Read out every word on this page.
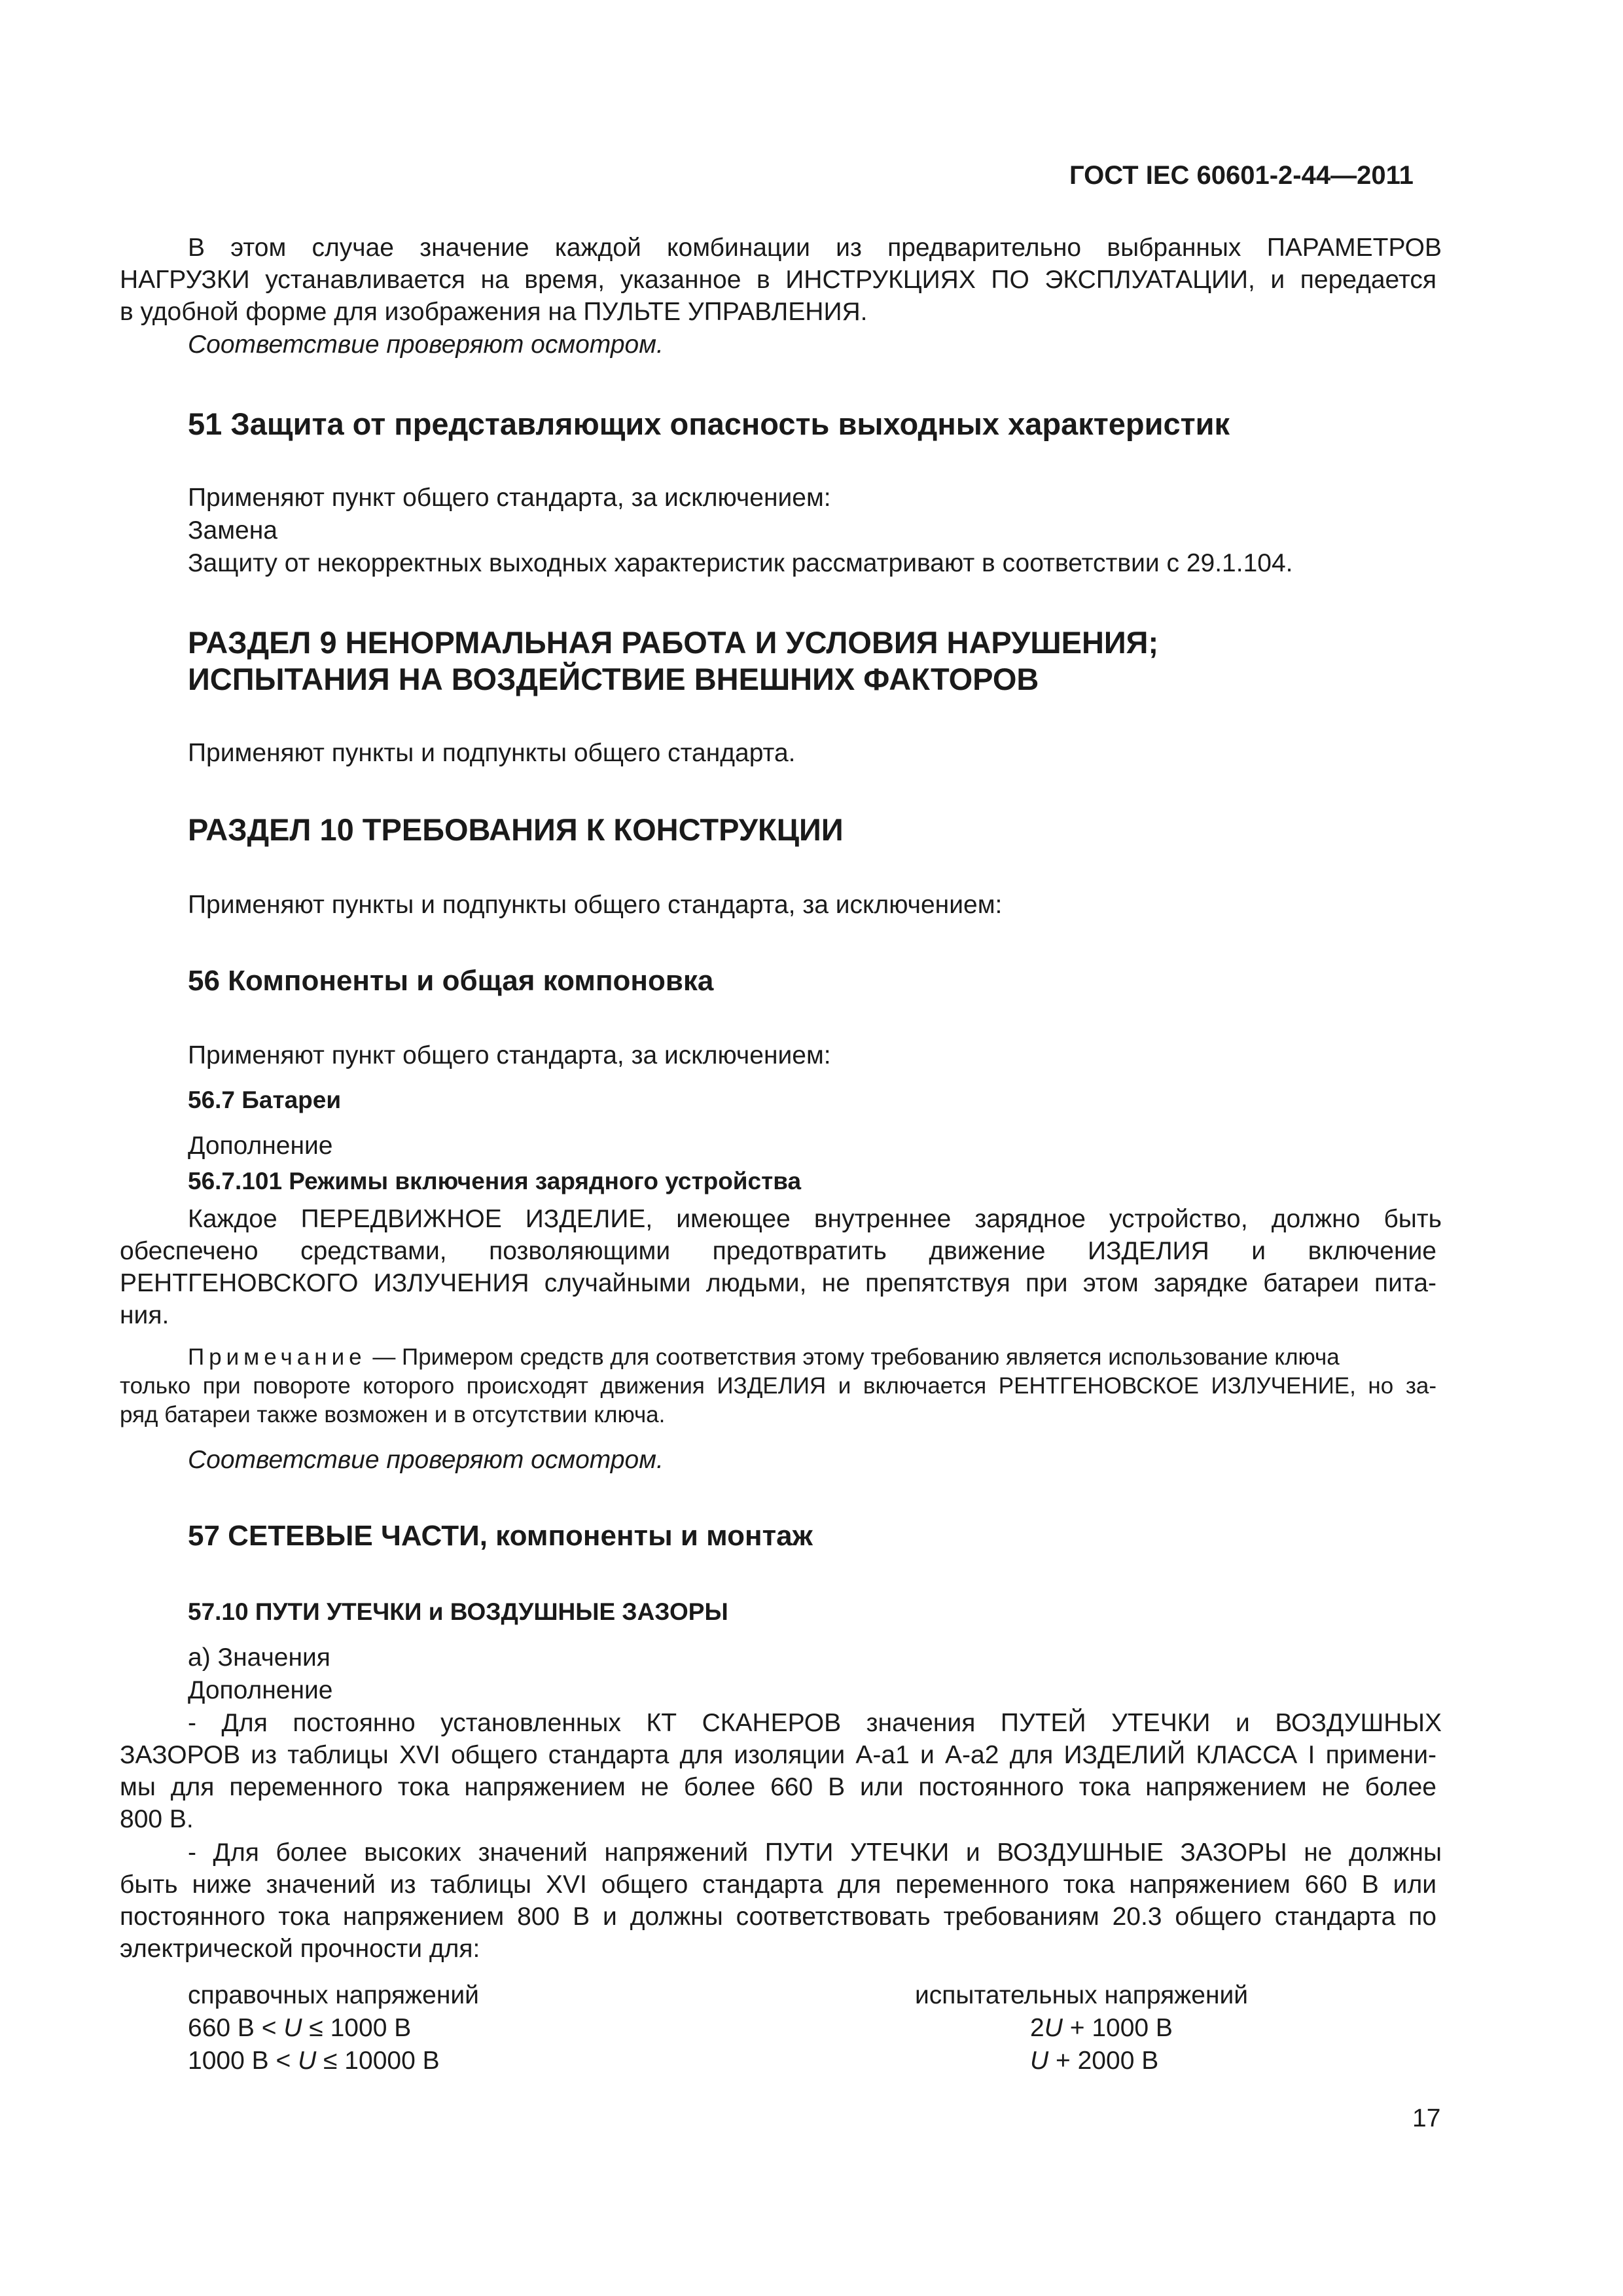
ГОСТ IEC 60601-2-44—2011
В этом случае значение каждой комбинации из предварительно выбранных ПАРАМЕТРОВ
НАГРУЗКИ устанавливается на время, указанное в ИНСТРУКЦИЯХ ПО ЭКСПЛУАТАЦИИ, и передается
в удобной форме для изображения на ПУЛЬТЕ УПРАВЛЕНИЯ.
Соответствие проверяют осмотром.
51 Защита от представляющих опасность выходных характеристик
Применяют пункт общего стандарта, за исключением:
Замена
Защиту от некорректных выходных характеристик рассматривают в соответствии с 29.1.104.
РАЗДЕЛ 9 НЕНОРМАЛЬНАЯ РАБОТА И УСЛОВИЯ НАРУШЕНИЯ;
ИСПЫТАНИЯ НА ВОЗДЕЙСТВИЕ ВНЕШНИХ ФАКТОРОВ
Применяют пункты и подпункты общего стандарта.
РАЗДЕЛ 10 ТРЕБОВАНИЯ К КОНСТРУКЦИИ
Применяют пункты и подпункты общего стандарта, за исключением:
56 Компоненты и общая компоновка
Применяют пункт общего стандарта, за исключением:
56.7 Батареи
Дополнение
56.7.101 Режимы включения зарядного устройства
Каждое ПЕРЕДВИЖНОЕ ИЗДЕЛИЕ, имеющее внутреннее зарядное устройство, должно быть
обеспечено средствами, позволяющими предотвратить движение ИЗДЕЛИЯ и включение
РЕНТГЕНОВСКОГО ИЗЛУЧЕНИЯ случайными людьми, не препятствуя при этом зарядке батареи пита-
ния.
Примечание — Примером средств для соответствия этому требованию является использование ключа
только при повороте которого происходят движения ИЗДЕЛИЯ и включается РЕНТГЕНОВСКОЕ ИЗЛУЧЕНИЕ, но за-
ряд батареи также возможен и в отсутствии ключа.
Соответствие проверяют осмотром.
57 СЕТЕВЫЕ ЧАСТИ, компоненты и монтаж
57.10 ПУТИ УТЕЧКИ и ВОЗДУШНЫЕ ЗАЗОРЫ
а) Значения
Дополнение
- Для постоянно установленных КТ СКАНЕРОВ значения ПУТЕЙ УТЕЧКИ и ВОЗДУШНЫХ
ЗАЗОРОВ из таблицы XVI общего стандарта для изоляции А-а1 и А-а2 для ИЗДЕЛИЙ КЛАССА I примени-
мы для переменного тока напряжением не более 660 В или постоянного тока напряжением не более
800 В.
- Для более высоких значений напряжений ПУТИ УТЕЧКИ и ВОЗДУШНЫЕ ЗАЗОРЫ не должны
быть ниже значений из таблицы XVI общего стандарта для переменного тока напряжением 660 В или
постоянного тока напряжением 800 В и должны соответствовать требованиям 20.3 общего стандарта по
электрической прочности для:
справочных напряжений	испытательных напряжений
660 В < U ≤ 1000 В	2U + 1000 В
1000 В < U ≤ 10000 В	U + 2000 В
17
